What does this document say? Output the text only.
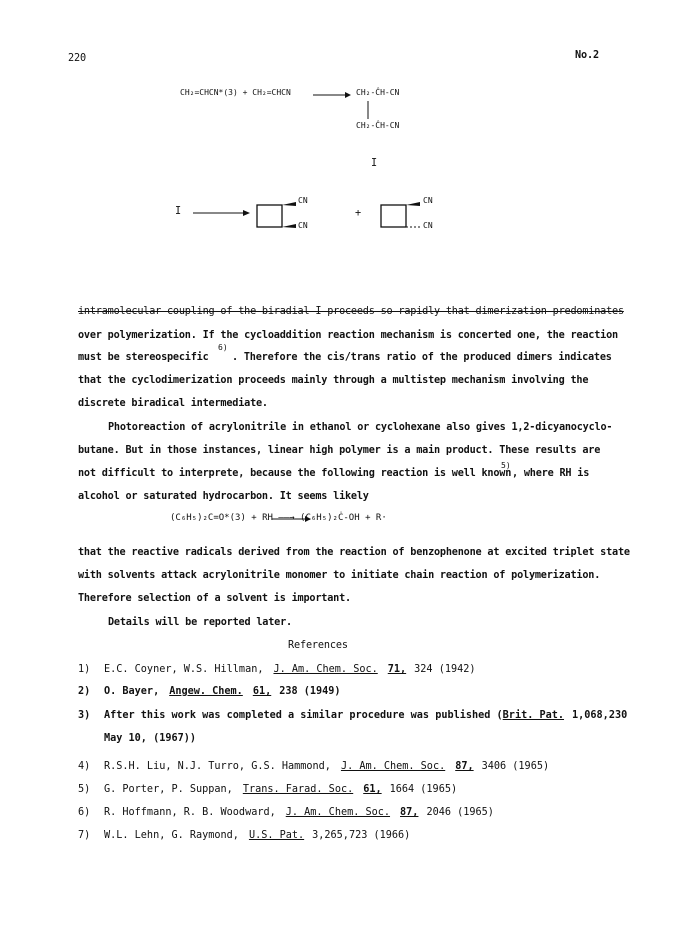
220	No.2
CH₂=CHCN*(3) + CH₂=CHCN	CH₂-ĈH-CN
CH₂-ĈH-CN
I
I
CN
CN
+
CN
CN
intramolecular coupling of the biradial I proceeds so rapidly that dimerization predominates
over polymerization. If the cycloaddition reaction mechanism is concerted one, the reaction
must be stereospecific
6)
. Therefore the cis/trans ratio of the produced dimers indicates
that the cyclodimerization proceeds mainly through a multistep mechanism involving the
discrete biradical intermediate.
Photoreaction of acrylonitrile in ethanol or cyclohexane also gives 1,2-dicyanocyclo-
butane. But in those instances, linear high polymer is a main product. These results are
not difficult to interprete, because the following reaction is well known
5)
, where RH is
alcohol or saturated hydrocarbon. It seems likely
(C₆H₅)₂C=O*(3) + RH ——→ (C₆H₅)₂Ċ-OH + R·
that the reactive radicals derived from the reaction of benzophenone at excited triplet state
with solvents attack acrylonitrile monomer to initiate chain reaction of polymerization.
Therefore selection of a solvent is important.
Details will be reported later.
References
1) E.C. Coyner, W.S. Hillman, J. Am. Chem. Soc. 71, 324 (1942)
2) O. Bayer, Angew. Chem. 61, 238 (1949)
3) After this work was completed a similar procedure was published (Brit. Pat. 1,068,230
May 10, (1967))
4) R.S.H. Liu, N.J. Turro, G.S. Hammond, J. Am. Chem. Soc. 87, 3406 (1965)
5) G. Porter, P. Suppan, Trans. Farad. Soc. 61, 1664 (1965)
6) R. Hoffmann, R. B. Woodward, J. Am. Chem. Soc. 87, 2046 (1965)
7) W.L. Lehn, G. Raymond, U.S. Pat. 3,265,723 (1966)
